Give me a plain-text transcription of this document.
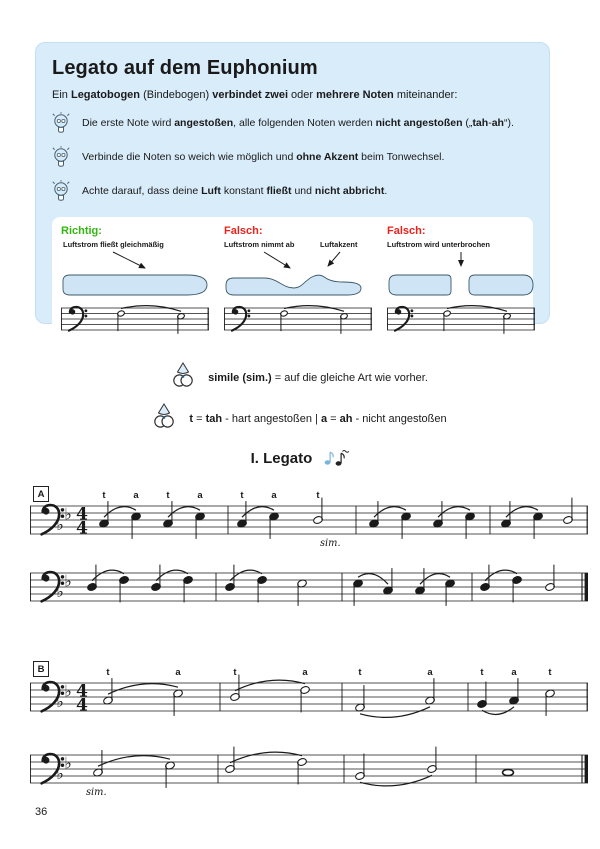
Legato auf dem Euphonium

Ein Legatobogen (Bindebogen) verbindet zwei oder mehrere Noten miteinander:

Die erste Note wird angestoßen, alle folgenden Noten werden nicht angestoßen („tah-ah“).

Verbinde die Noten so weich wie möglich und ohne Akzent beim Tonwechsel.

Achte darauf, dass deine Luft konstant fließt und nicht abbricht.

Richtig:
Luftstrom fließt gleichmäßig
Falsch:
Luftstrom nimmt ab	Luftakzent
Falsch:
Luftstrom wird unterbrochen

simile (sim.) = auf die gleiche Art wie vorher.

t = tah - hart angestoßen | a = ah - nicht angestoßen

I. Legato
A
♭
♭ 4
4
t	a	t	a	t	a	t
sim.
♭
♭
B
♭
♭ 4
4
t	a	t	a	t	a	t	a	t
♭
♭
sim.
36
